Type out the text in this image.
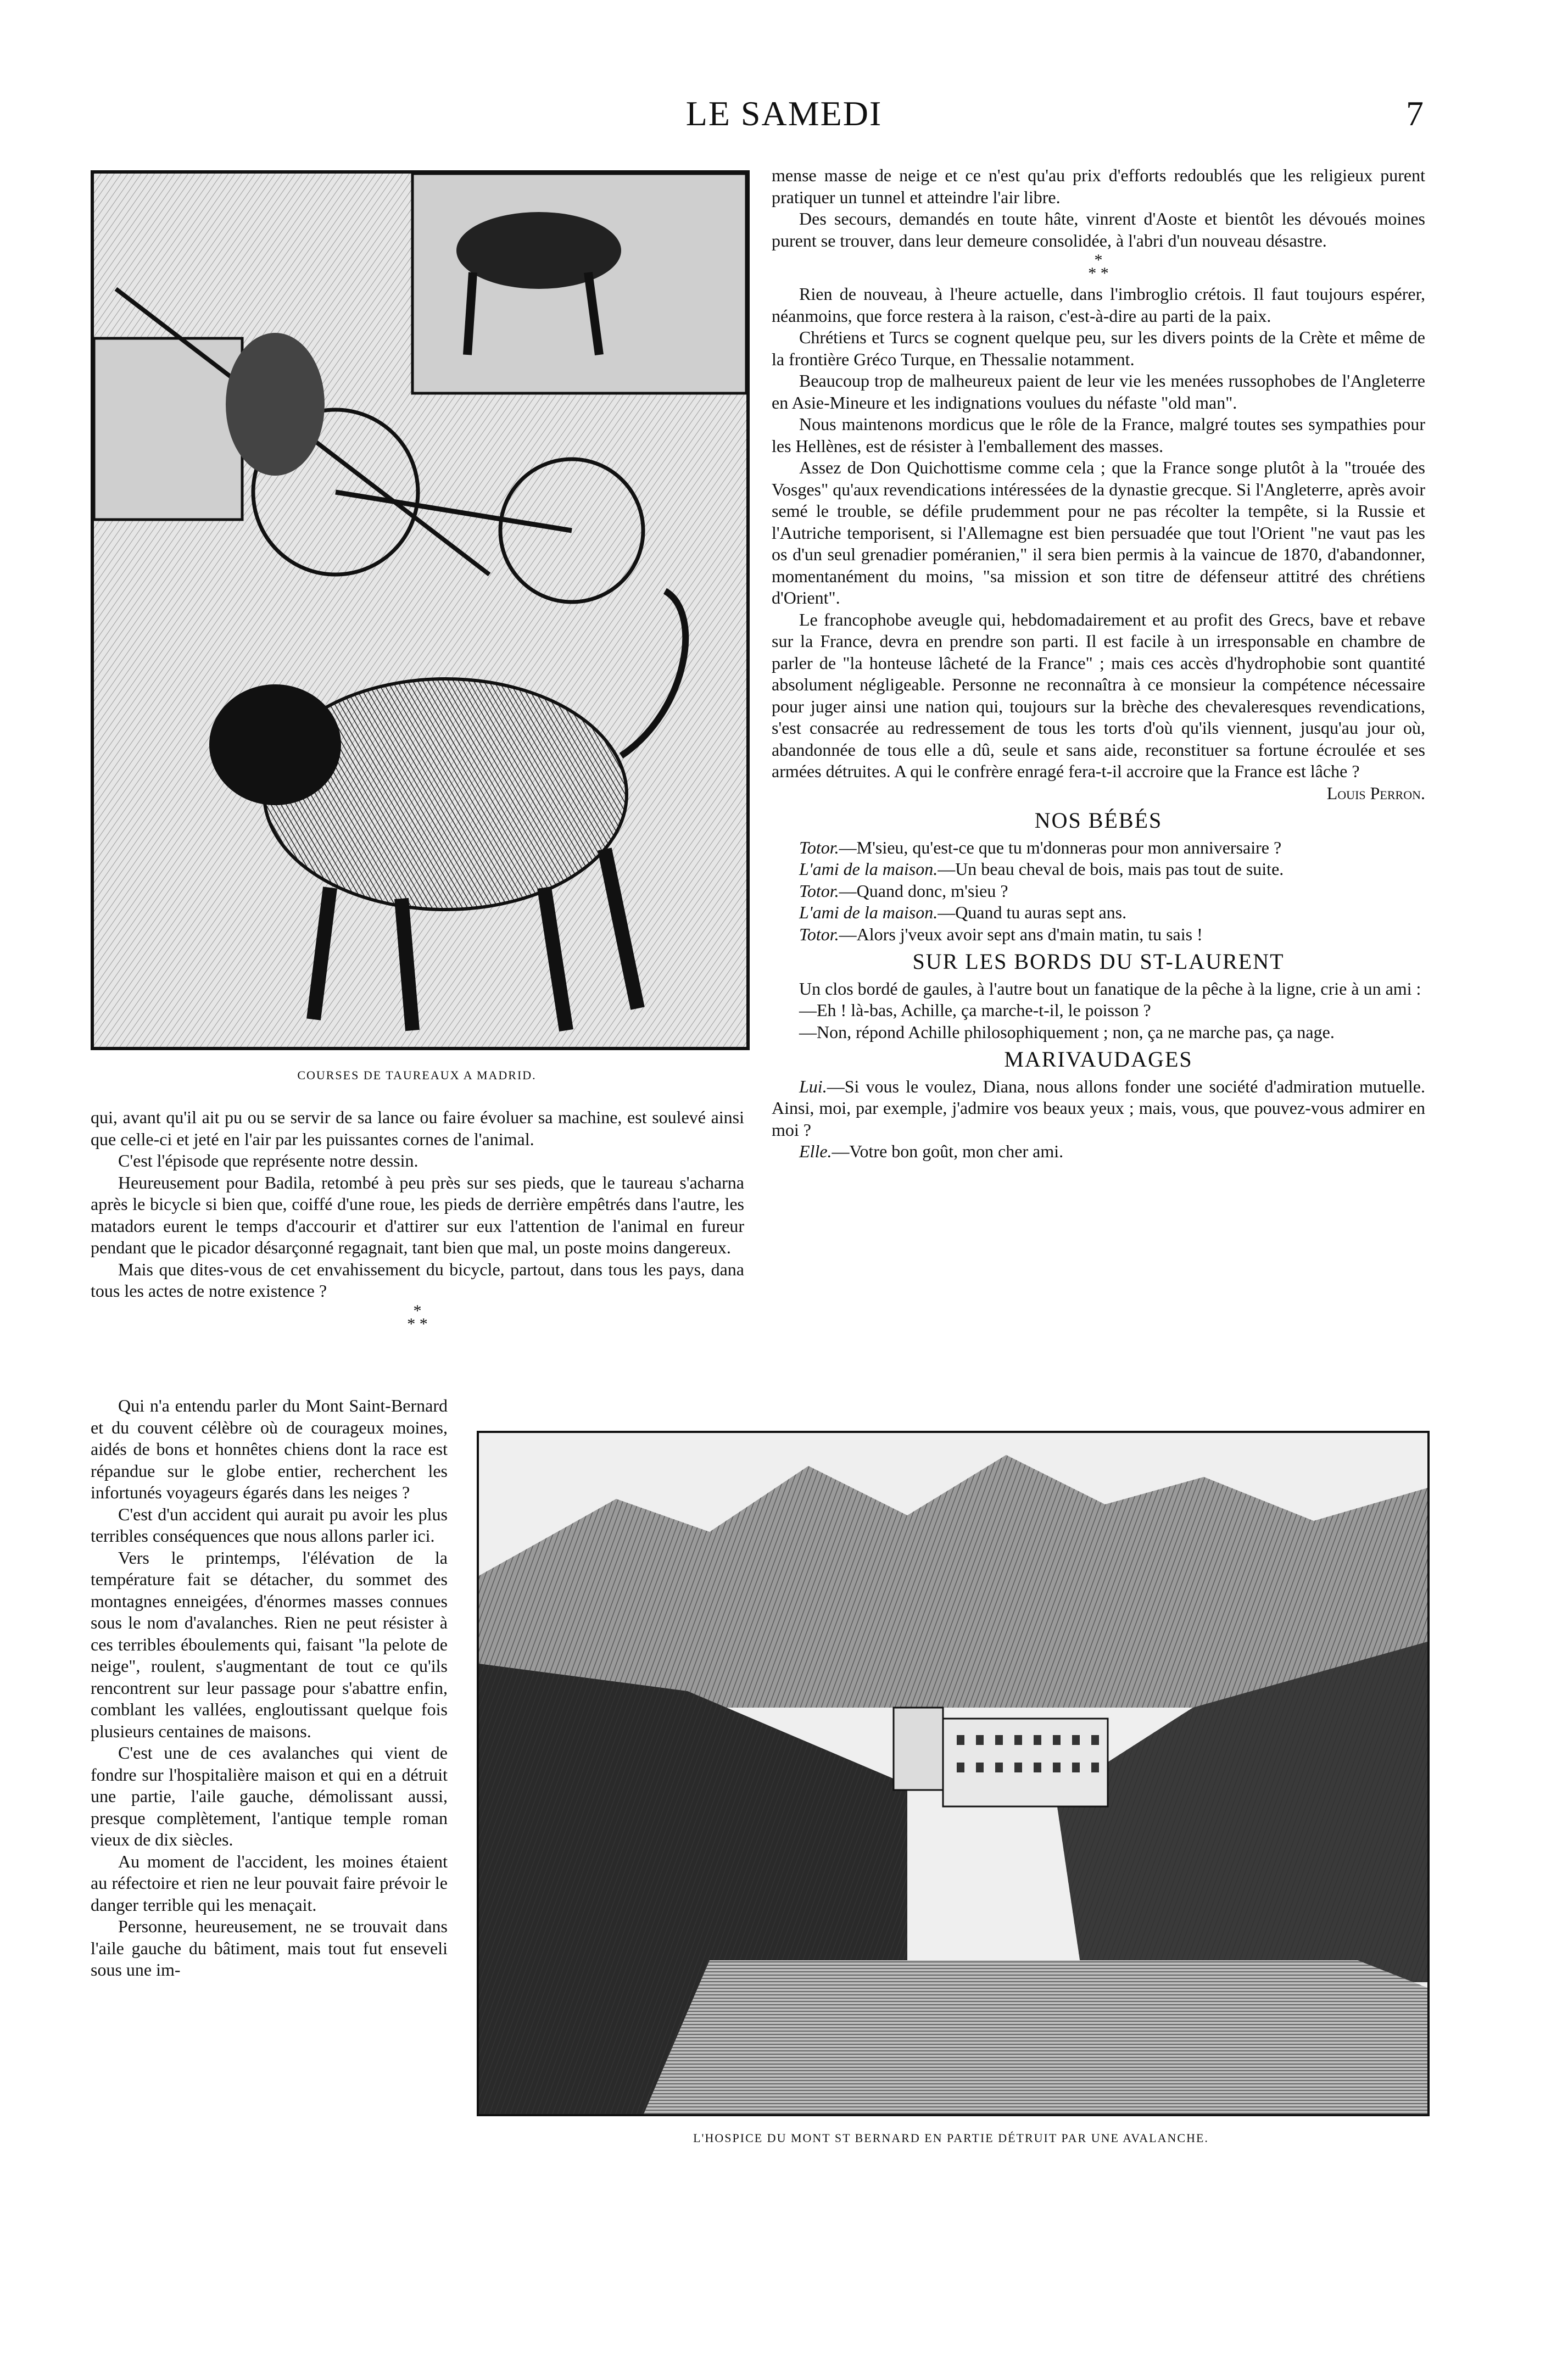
LE SAMEDI	7
COURSES DE TAUREAUX A MADRID.

qui, avant qu'il ait pu ou se servir de sa lance ou faire évoluer sa machine, est soulevé ainsi que celle-ci et jeté en l'air par les puissantes cornes de l'animal.

C'est l'épisode que représente notre dessin.

Heureusement pour Badila, retombé à peu près sur ses pieds, que le taureau s'acharna après le bicycle si bien que, coiffé d'une roue, les pieds de derrière empêtrés dans l'autre, les matadors eurent le temps d'accourir et d'attirer sur eux l'attention de l'animal en fureur pendant que le picador désarçonné regagnait, tant bien que mal, un poste moins dangereux.

Mais que dites-vous de cet envahissement du bicycle, partout, dans tous les pays, dana tous les actes de notre existence ?

*
* *

Qui n'a entendu parler du Mont Saint-Bernard et du couvent célèbre où de courageux moines, aidés de bons et honnêtes chiens dont la race est répandue sur le globe entier, recherchent les infortunés voyageurs égarés dans les neiges ?

C'est d'un accident qui aurait pu avoir les plus terribles conséquences que nous allons parler ici.

Vers le printemps, l'élévation de la température fait se détacher, du sommet des montagnes enneigées, d'énormes masses connues sous le nom d'avalanches. Rien ne peut résister à ces terribles éboulements qui, faisant "la pelote de neige", roulent, s'augmentant de tout ce qu'ils rencontrent sur leur passage pour s'abattre enfin, comblant les vallées, engloutissant quelque fois plusieurs centaines de maisons.

C'est une de ces avalanches qui vient de fondre sur l'hospitalière maison et qui en a détruit une partie, l'aile gauche, démolissant aussi, presque complètement, l'antique temple roman vieux de dix siècles.

Au moment de l'accident, les moines étaient au réfectoire et rien ne leur pouvait faire prévoir le danger terrible qui les menaçait.

Personne, heureusement, ne se trouvait dans l'aile gauche du bâtiment, mais tout fut enseveli sous une im-

mense masse de neige et ce n'est qu'au prix d'efforts redoublés que les religieux purent pratiquer un tunnel et atteindre l'air libre.

Des secours, demandés en toute hâte, vinrent d'Aoste et bientôt les dévoués moines purent se trouver, dans leur demeure consolidée, à l'abri d'un nouveau désastre.

*
* *

Rien de nouveau, à l'heure actuelle, dans l'imbroglio crétois. Il faut toujours espérer, néanmoins, que force restera à la raison, c'est-à-dire au parti de la paix.

Chrétiens et Turcs se cognent quelque peu, sur les divers points de la Crète et même de la frontière Gréco Turque, en Thessalie notamment.

Beaucoup trop de malheureux paient de leur vie les menées russophobes de l'Angleterre en Asie-Mineure et les indignations voulues du néfaste "old man".

Nous maintenons mordicus que le rôle de la France, malgré toutes ses sympathies pour les Hellènes, est de résister à l'emballement des masses.

Assez de Don Quichottisme comme cela ; que la France songe plutôt à la "trouée des Vosges" qu'aux revendications intéressées de la dynastie grecque. Si l'Angleterre, après avoir semé le trouble, se défile prudemment pour ne pas récolter la tempête, si la Russie et l'Autriche temporisent, si l'Allemagne est bien persuadée que tout l'Orient "ne vaut pas les os d'un seul grenadier poméranien," il sera bien permis à la vaincue de 1870, d'abandonner, momentanément du moins, "sa mission et son titre de défenseur attitré des chrétiens d'Orient".

Le francophobe aveugle qui, hebdomadairement et au profit des Grecs, bave et rebave sur la France, devra en prendre son parti. Il est facile à un irresponsable en chambre de parler de "la honteuse lâcheté de la France" ; mais ces accès d'hydrophobie sont quantité absolument négligeable. Personne ne reconnaîtra à ce monsieur la compétence nécessaire pour juger ainsi une nation qui, toujours sur la brèche des chevaleresques revendications, s'est consacrée au redressement de tous les torts d'où qu'ils viennent, jusqu'au jour où, abandonnée de tous elle a dû, seule et sans aide, reconstituer sa fortune écroulée et ses armées détruites. A qui le confrère enragé fera-t-il accroire que la France est lâche ?

Louis Perron.

NOS BÉBÉS

Totor.—M'sieu, qu'est-ce que tu m'donneras pour mon anniversaire ?

L'ami de la maison.—Un beau cheval de bois, mais pas tout de suite.

Totor.—Quand donc, m'sieu ?

L'ami de la maison.—Quand tu auras sept ans.

Totor.—Alors j'veux avoir sept ans d'main matin, tu sais !

SUR LES BORDS DU ST-LAURENT

Un clos bordé de gaules, à l'autre bout un fanatique de la pêche à la ligne, crie à un ami :

—Eh ! là-bas, Achille, ça marche-t-il, le poisson ?

—Non, répond Achille philosophiquement ; non, ça ne marche pas, ça nage.

MARIVAUDAGES

Lui.—Si vous le voulez, Diana, nous allons fonder une société d'admiration mutuelle. Ainsi, moi, par exemple, j'admire vos beaux yeux ; mais, vous, que pouvez-vous admirer en moi ?

Elle.—Votre bon goût, mon cher ami.

L'HOSPICE DU MONT ST BERNARD EN PARTIE DÉTRUIT PAR UNE AVALANCHE.
